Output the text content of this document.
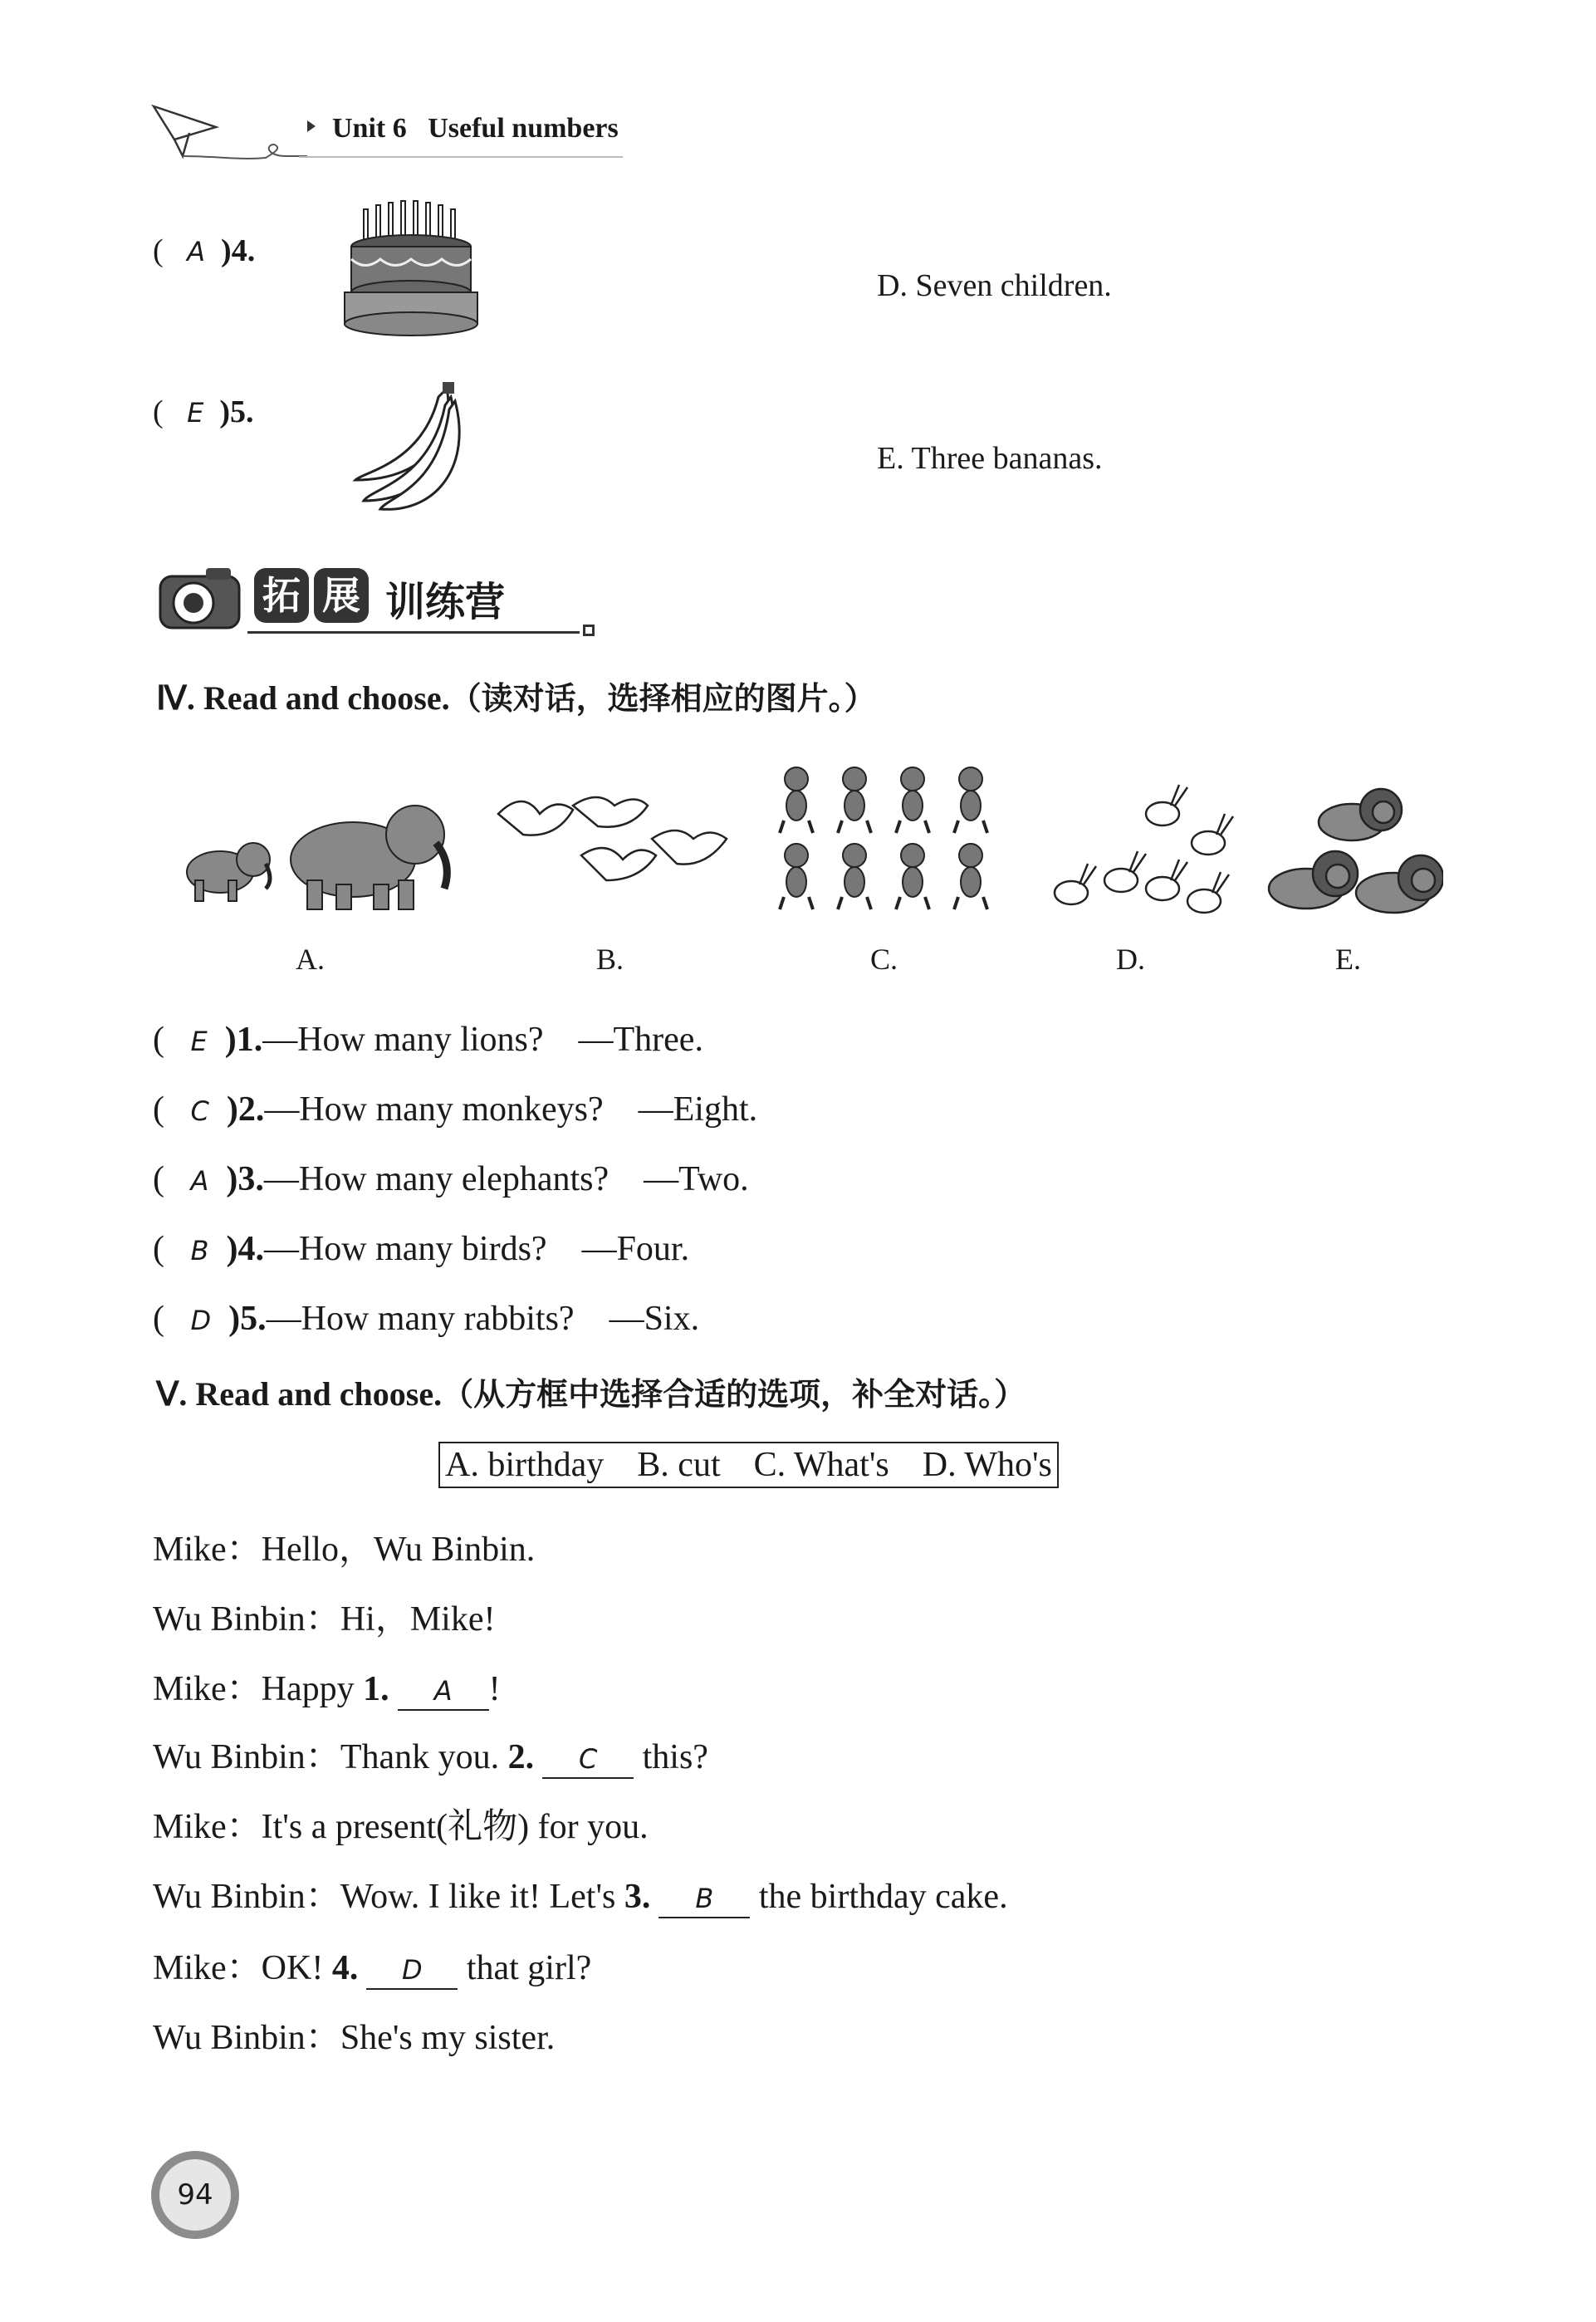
Unit 6 Useful numbers
(   A )4.
D. Seven children.
(   E )5.
E. Three bananas.
拓 展 训练营
Ⅳ. Read and choose.（读对话，选择相应的图片。）
A.	B.	C.	D.	E.
(   E )1.—How many lions? —Three.
(   C )2.—How many monkeys? —Eight.
(   A )3.—How many elephants? —Two.
(   B )4.—How many birds? —Four.
(   D )5.—How many rabbits? —Six.
Ⅴ. Read and choose.（从方框中选择合适的选项，补全对话。）
A. birthday B. cut C. What's D. Who's
Mike：Hello，Wu Binbin.
Wu Binbin：Hi，Mike!
Mike：Happy 1. A !
Wu Binbin：Thank you. 2. C this?
Mike：It's a present(礼物) for you.
Wu Binbin：Wow. I like it! Let's 3. B the birthday cake.
Mike：OK! 4. D that girl?
Wu Binbin：She's my sister.
94
